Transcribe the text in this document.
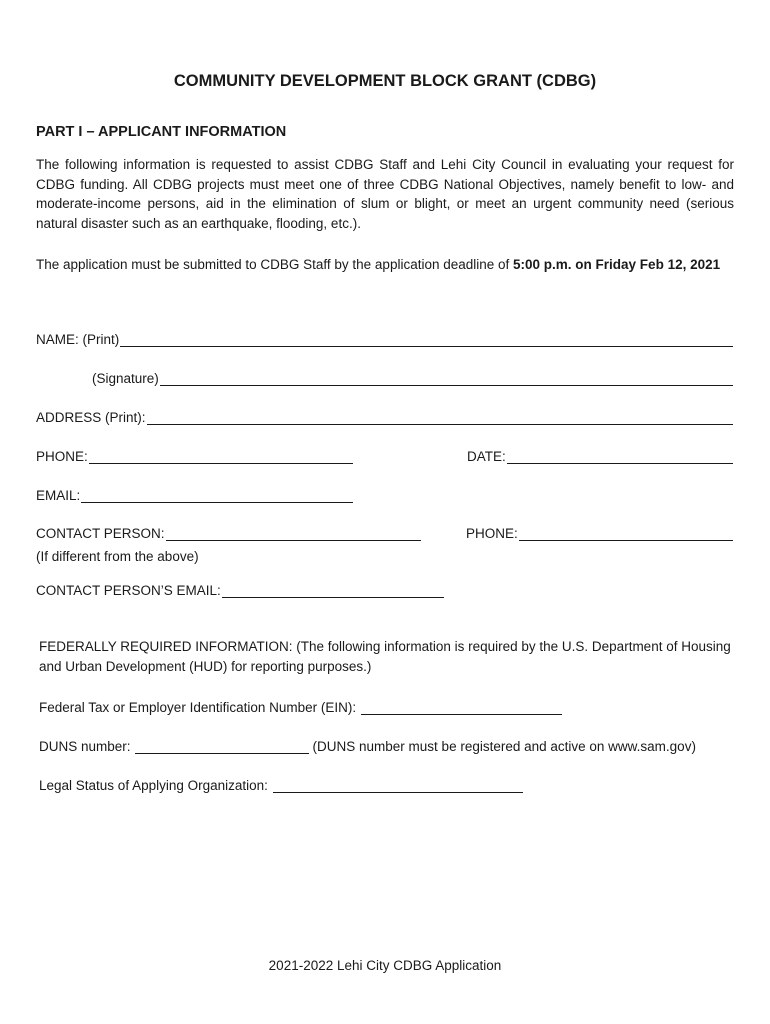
COMMUNITY DEVELOPMENT BLOCK GRANT (CDBG)
PART I – APPLICANT INFORMATION
The following information is requested to assist CDBG Staff and Lehi City Council in evaluating your request for CDBG funding. All CDBG projects must meet one of three CDBG National Objectives, namely benefit to low- and moderate-income persons, aid in the elimination of slum or blight, or meet an urgent community need (serious natural disaster such as an earthquake, flooding, etc.).
The application must be submitted to CDBG Staff by the application deadline of 5:00 p.m. on Friday Feb 12, 2021
NAME: (Print)
(Signature)
ADDRESS (Print):
PHONE:	DATE:
EMAIL:
CONTACT PERSON:	PHONE:
(If different from the above)
CONTACT PERSON’S EMAIL:
FEDERALLY REQUIRED INFORMATION: (The following information is required by the U.S. Department of Housing and Urban Development (HUD) for reporting purposes.)
Federal Tax or Employer Identification Number (EIN):
DUNS number:	(DUNS number must be registered and active on www.sam.gov)
Legal Status of Applying Organization:
2021-2022 Lehi City CDBG Application
